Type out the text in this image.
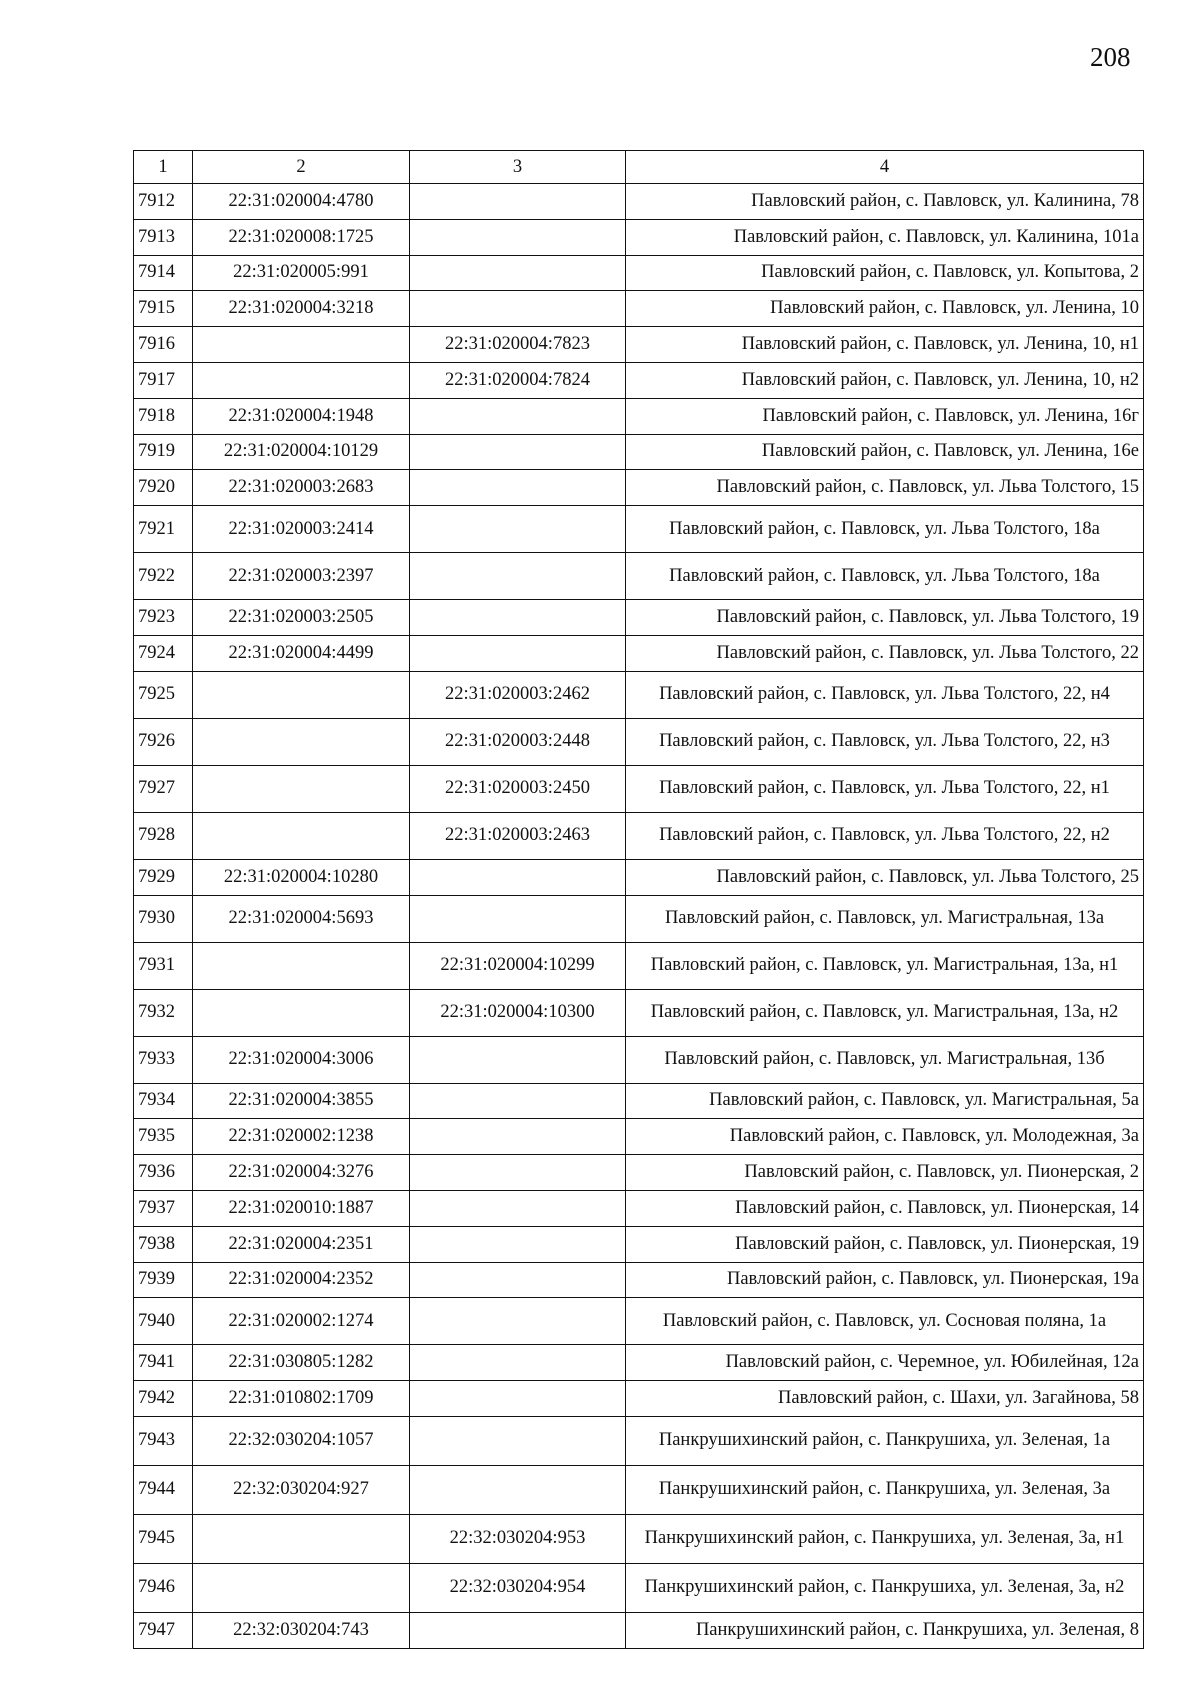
208
1	2	3	4
7912	22:31:020004:4780		Павловский район, с. Павловск, ул. Калинина, 78
7913	22:31:020008:1725		Павловский район, с. Павловск, ул. Калинина, 101а
7914	22:31:020005:991		Павловский район, с. Павловск, ул. Копытова, 2
7915	22:31:020004:3218		Павловский район, с. Павловск, ул. Ленина, 10
7916		22:31:020004:7823	Павловский район, с. Павловск, ул. Ленина, 10, н1
7917		22:31:020004:7824	Павловский район, с. Павловск, ул. Ленина, 10, н2
7918	22:31:020004:1948		Павловский район, с. Павловск, ул. Ленина, 16г
7919	22:31:020004:10129		Павловский район, с. Павловск, ул. Ленина, 16е
7920	22:31:020003:2683		Павловский район, с. Павловск, ул. Льва Толстого, 15
7921	22:31:020003:2414		Павловский район, с. Павловск, ул. Льва Толстого, 18а
7922	22:31:020003:2397		Павловский район, с. Павловск, ул. Льва Толстого, 18а
7923	22:31:020003:2505		Павловский район, с. Павловск, ул. Льва Толстого, 19
7924	22:31:020004:4499		Павловский район, с. Павловск, ул. Льва Толстого, 22
7925		22:31:020003:2462	Павловский район, с. Павловск, ул. Льва Толстого, 22, н4
7926		22:31:020003:2448	Павловский район, с. Павловск, ул. Льва Толстого, 22, н3
7927		22:31:020003:2450	Павловский район, с. Павловск, ул. Льва Толстого, 22, н1
7928		22:31:020003:2463	Павловский район, с. Павловск, ул. Льва Толстого, 22, н2
7929	22:31:020004:10280		Павловский район, с. Павловск, ул. Льва Толстого, 25
7930	22:31:020004:5693		Павловский район, с. Павловск, ул. Магистральная, 13а
7931		22:31:020004:10299	Павловский район, с. Павловск, ул. Магистральная, 13а, н1
7932		22:31:020004:10300	Павловский район, с. Павловск, ул. Магистральная, 13а, н2
7933	22:31:020004:3006		Павловский район, с. Павловск, ул. Магистральная, 13б
7934	22:31:020004:3855		Павловский район, с. Павловск, ул. Магистральная, 5а
7935	22:31:020002:1238		Павловский район, с. Павловск, ул. Молодежная, 3а
7936	22:31:020004:3276		Павловский район, с. Павловск, ул. Пионерская, 2
7937	22:31:020010:1887		Павловский район, с. Павловск, ул. Пионерская, 14
7938	22:31:020004:2351		Павловский район, с. Павловск, ул. Пионерская, 19
7939	22:31:020004:2352		Павловский район, с. Павловск, ул. Пионерская, 19а
7940	22:31:020002:1274		Павловский район, с. Павловск, ул. Сосновая поляна, 1а
7941	22:31:030805:1282		Павловский район, с. Черемное, ул. Юбилейная, 12а
7942	22:31:010802:1709		Павловский район, с. Шахи, ул. Загайнова, 58
7943	22:32:030204:1057		Панкрушихинский район, с. Панкрушиха, ул. Зеленая, 1а
7944	22:32:030204:927		Панкрушихинский район, с. Панкрушиха, ул. Зеленая, 3а
7945		22:32:030204:953	Панкрушихинский район, с. Панкрушиха, ул. Зеленая, 3а, н1
7946		22:32:030204:954	Панкрушихинский район, с. Панкрушиха, ул. Зеленая, 3а, н2
7947	22:32:030204:743		Панкрушихинский район, с. Панкрушиха, ул. Зеленая, 8
